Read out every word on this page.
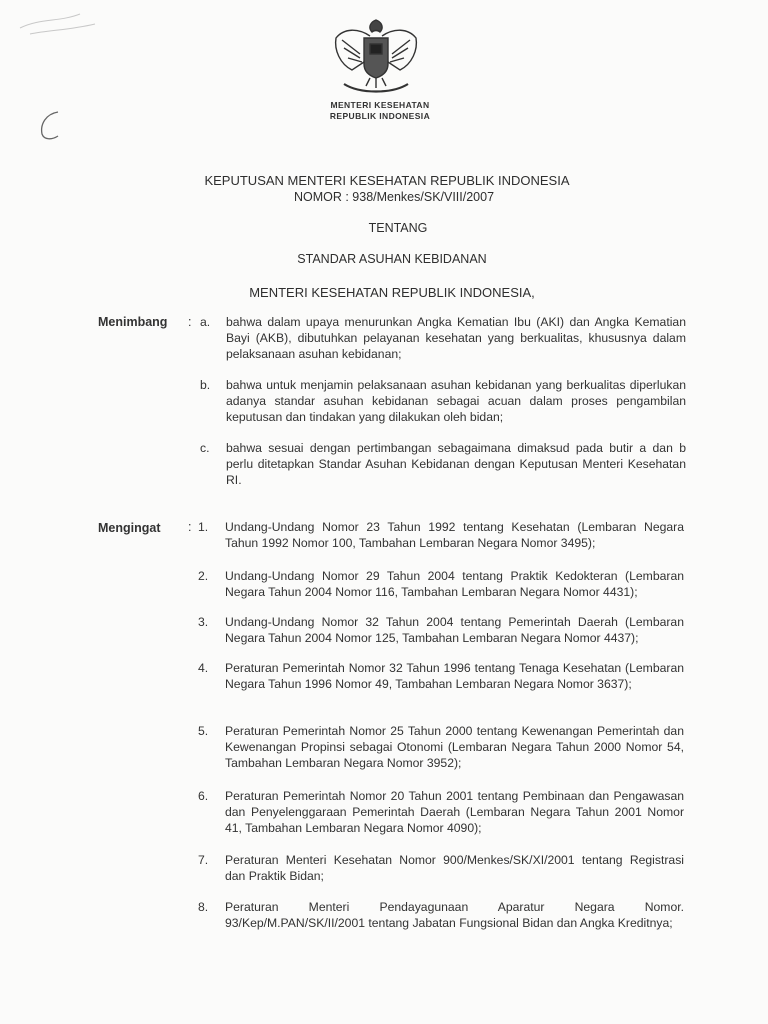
MENTERI KESEHATAN
REPUBLIK INDONESIA
KEPUTUSAN MENTERI KESEHATAN REPUBLIK INDONESIA
NOMOR : 938/Menkes/SK/VIII/2007
TENTANG
STANDAR ASUHAN KEBIDANAN
MENTERI KESEHATAN REPUBLIK INDONESIA,
Menimbang : a.	bahwa dalam upaya menurunkan Angka Kematian Ibu (AKI) dan Angka Kematian Bayi (AKB), dibutuhkan pelayanan kesehatan yang berkualitas, khususnya dalam pelaksanaan asuhan kebidanan;
b.	bahwa untuk menjamin pelaksanaan asuhan kebidanan yang berkualitas diperlukan adanya standar asuhan kebidanan sebagai acuan dalam proses pengambilan keputusan dan tindakan yang dilakukan oleh bidan;
c.	bahwa sesuai dengan pertimbangan sebagaimana dimaksud pada butir a dan b perlu ditetapkan Standar Asuhan Kebidanan dengan Keputusan Menteri Kesehatan RI.
Mengingat : 1.	Undang-Undang Nomor 23 Tahun 1992 tentang Kesehatan (Lembaran Negara Tahun 1992 Nomor 100, Tambahan Lembaran Negara Nomor 3495);
2.	Undang-Undang Nomor 29 Tahun 2004 tentang Praktik Kedokteran (Lembaran Negara Tahun 2004 Nomor 116, Tambahan Lembaran Negara Nomor 4431);
3.	Undang-Undang Nomor 32 Tahun 2004 tentang Pemerintah Daerah (Lembaran Negara Tahun 2004 Nomor 125, Tambahan Lembaran Negara Nomor 4437);
4.	Peraturan Pemerintah Nomor 32 Tahun 1996 tentang Tenaga Kesehatan (Lembaran Negara Tahun 1996 Nomor 49, Tambahan Lembaran Negara Nomor 3637);
5.	Peraturan Pemerintah Nomor 25 Tahun 2000 tentang Kewenangan Pemerintah dan Kewenangan Propinsi sebagai Otonomi (Lembaran Negara Tahun 2000 Nomor 54, Tambahan Lembaran Negara Nomor 3952);
6.	Peraturan Pemerintah Nomor 20 Tahun 2001 tentang Pembinaan dan Pengawasan dan Penyelenggaraan Pemerintah Daerah (Lembaran Negara Tahun 2001 Nomor 41, Tambahan Lembaran Negara Nomor 4090);
7.	Peraturan Menteri Kesehatan Nomor 900/Menkes/SK/XI/2001 tentang Registrasi dan Praktik Bidan;
8.	Peraturan Menteri Pendayagunaan Aparatur Negara Nomor. 93/Kep/M.PAN/SK/II/2001 tentang Jabatan Fungsional Bidan dan Angka Kreditnya;
